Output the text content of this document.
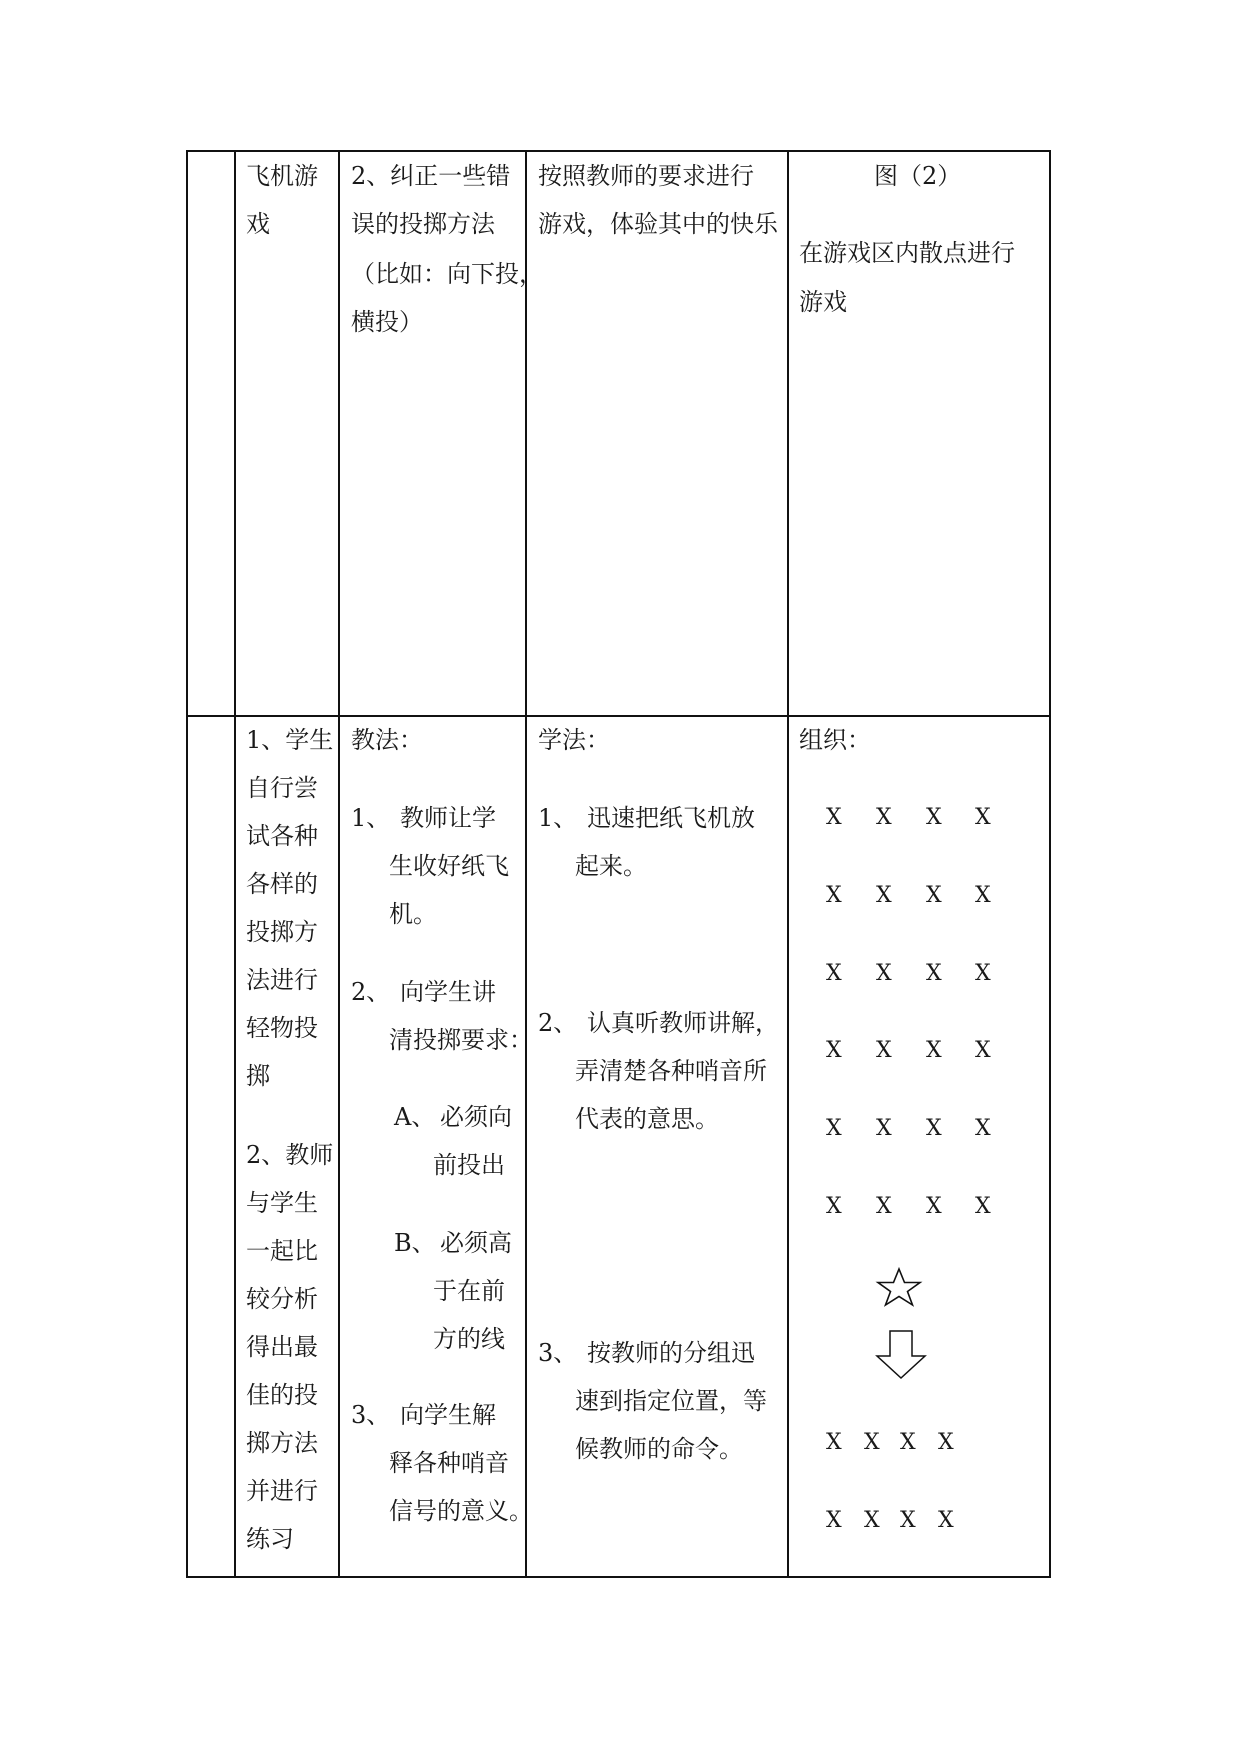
飞机游
戏
2、纠正一些错
误的投掷方法
（比如：向下投，
横投）
按照教师的要求进行
游戏，体验其中的快乐
图（2）
在游戏区内散点进行
游戏
1、学生
自行尝
试各种
各样的
投掷方
法进行
轻物投
掷
2、教师
与学生
一起比
较分析
得出最
佳的投
掷方法
并进行
练习
教法：
1、 教师让学
生收好纸飞
机。
2、 向学生讲
清投掷要求：
A、 必须向
前投出
B、 必须高
于在前
方的线
3、 向学生解
释各种哨音
信号的意义。
学法：
1、 迅速把纸飞机放
起来。
2、 认真听教师讲解，
弄清楚各种哨音所
代表的意思。
3、 按教师的分组迅
速到指定位置，等
候教师的命令。
组织：
X X X X
X X X X
X X X X
X X X X
X X X X
X X X X
X X X X
X X X X
